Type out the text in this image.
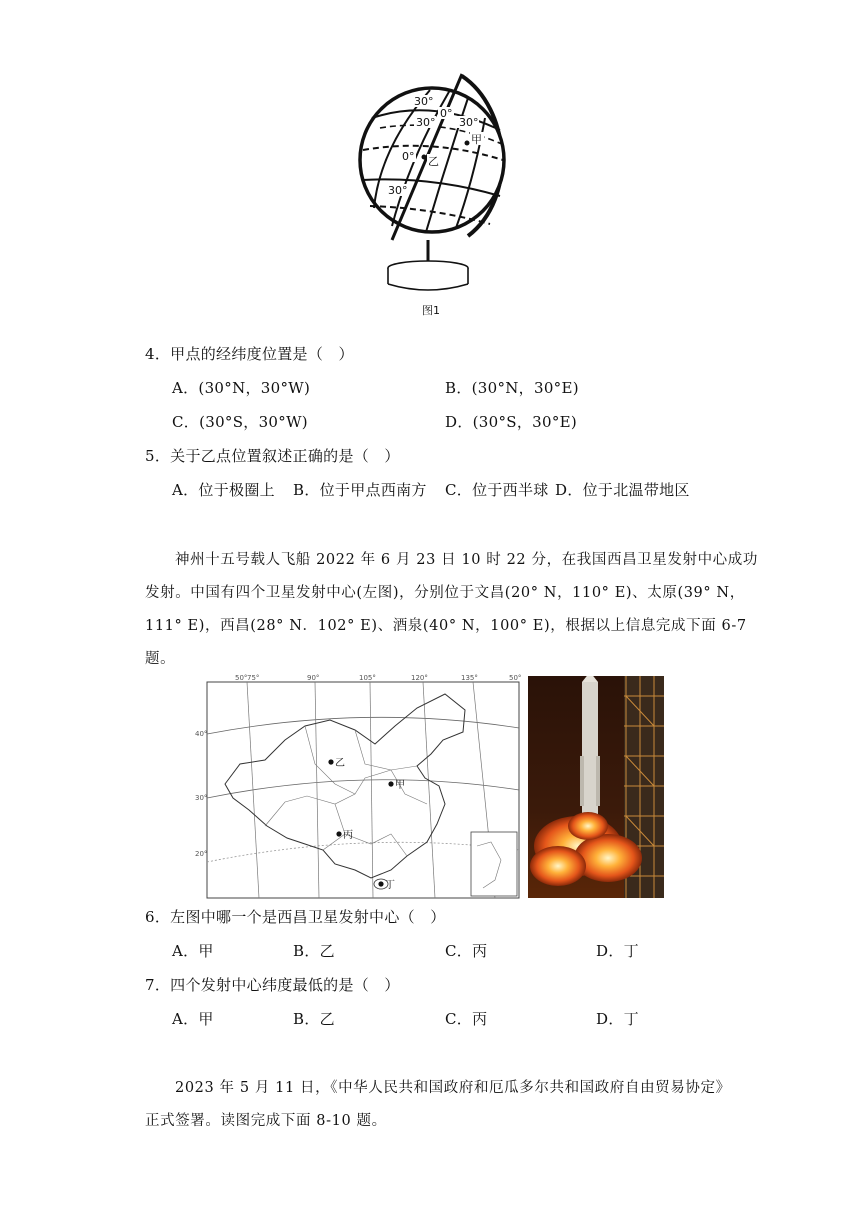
30°
0°
30° 30°
甲
0° 乙
30°
图1
4．甲点的经纬度位置是（　）
A．(30°N，30°W)	B．(30°N，30°E)
C．(30°S，30°W)	D．(30°S，30°E)
5．关于乙点位置叙述正确的是（　）
A．位于极圈上 B．位于甲点西南方 C．位于西半球 D．位于北温带地区
神州十五号载人飞船 2022 年 6 月 23 日 10 时 22 分，在我国西昌卫星发射中心成功
发射。中国有四个卫星发射中心(左图)，分别位于文昌(20° N，110° E)、太原(39° N，
111° E)，西昌(28° N．102° E)、酒泉(40° N，100° E)，根据以上信息完成下面 6-7
题。
50° 75°	90°	105°	120°	135°	50°
40°
30°
20°
甲
乙
丙
丁
6．左图中哪一个是西昌卫星发射中心（　）
A．甲	B．乙	C．丙	D．丁
7．四个发射中心纬度最低的是（　）
A．甲	B．乙	C．丙	D．丁
2023 年 5 月 11 日，《中华人民共和国政府和厄瓜多尔共和国政府自由贸易协定》
正式签署。读图完成下面 8-10 题。
